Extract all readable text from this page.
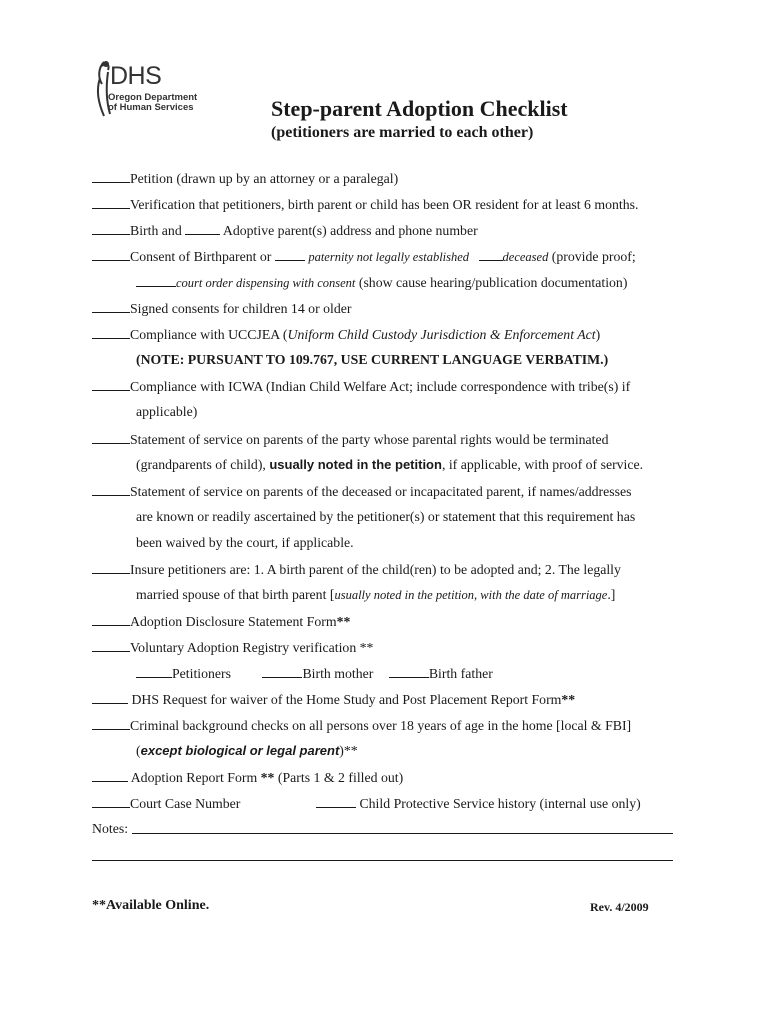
DHS
Oregon Department
of Human Services	Step-parent Adoption Checklist
(petitioners are married to each other)
Petition (drawn up by an attorney or a paralegal)
Verification that petitioners, birth parent or child has been OR resident for at least 6 months.
Birth and	Adoptive parent(s) address and phone number
Consent of Birthparent or	paternity not legally established	deceased (provide proof;
court order dispensing with consent (show cause hearing/publication documentation)
Signed consents for children 14 or older
Compliance with UCCJEA (Uniform Child Custody Jurisdiction & Enforcement Act)
(NOTE: PURSUANT TO 109.767, USE CURRENT LANGUAGE VERBATIM.)
Compliance with ICWA (Indian Child Welfare Act; include correspondence with tribe(s) if
applicable)
Statement of service on parents of the party whose parental rights would be terminated
(grandparents of child), usually noted in the petition, if applicable, with proof of service.
Statement of service on parents of the deceased or incapacitated parent, if names/addresses
are known or readily ascertained by the petitioner(s) or statement that this requirement has
been waived by the court, if applicable.
Insure petitioners are: 1. A birth parent of the child(ren) to be adopted and; 2. The legally
married spouse of that birth parent [usually noted in the petition, with the date of marriage.]
Adoption Disclosure Statement Form**
Voluntary Adoption Registry verification **
Petitioners	Birth mother	Birth father
DHS Request for waiver of the Home Study and Post Placement Report Form**
Criminal background checks on all persons over 18 years of age in the home [local & FBI]
(except biological or legal parent)**
Adoption Report Form ** (Parts 1 & 2 filled out)
Court Case Number	Child Protective Service history (internal use only)
Notes:
**Available Online.	Rev. 4/2009
